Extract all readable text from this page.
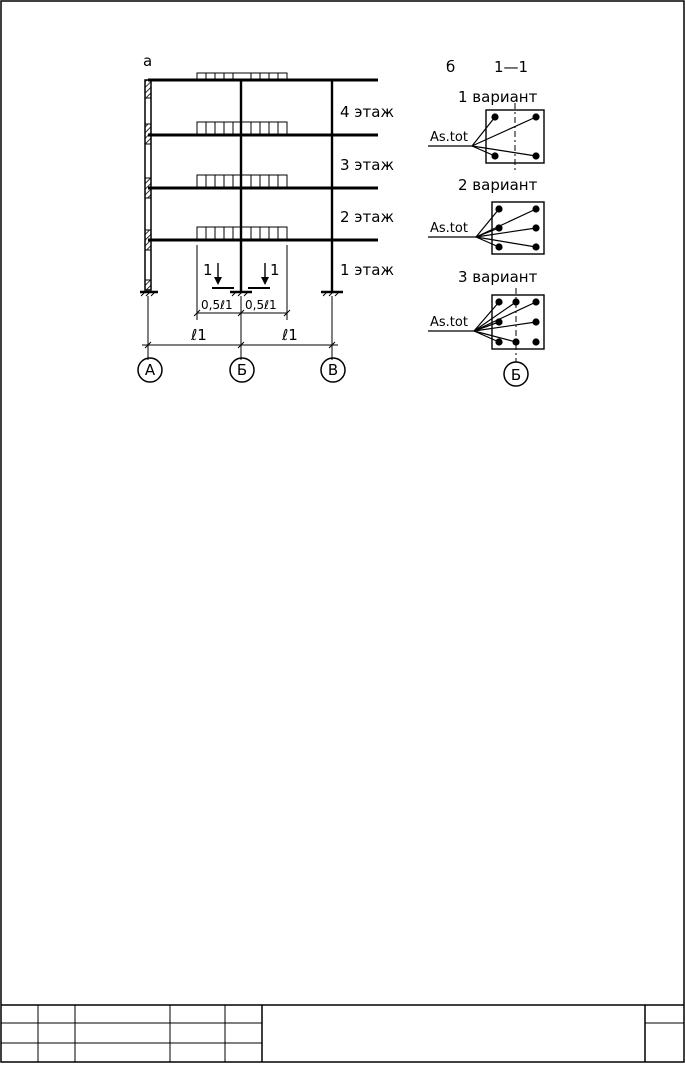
а
4 этаж
3 этаж
2 этаж
1 этаж
1	1
0,5ℓ1 0,5ℓ1
ℓ1	ℓ1
А	Б	В
б	1—1
1 вариант
As.tot
2 вариант
As.tot
3 вариант
As.tot
Б
